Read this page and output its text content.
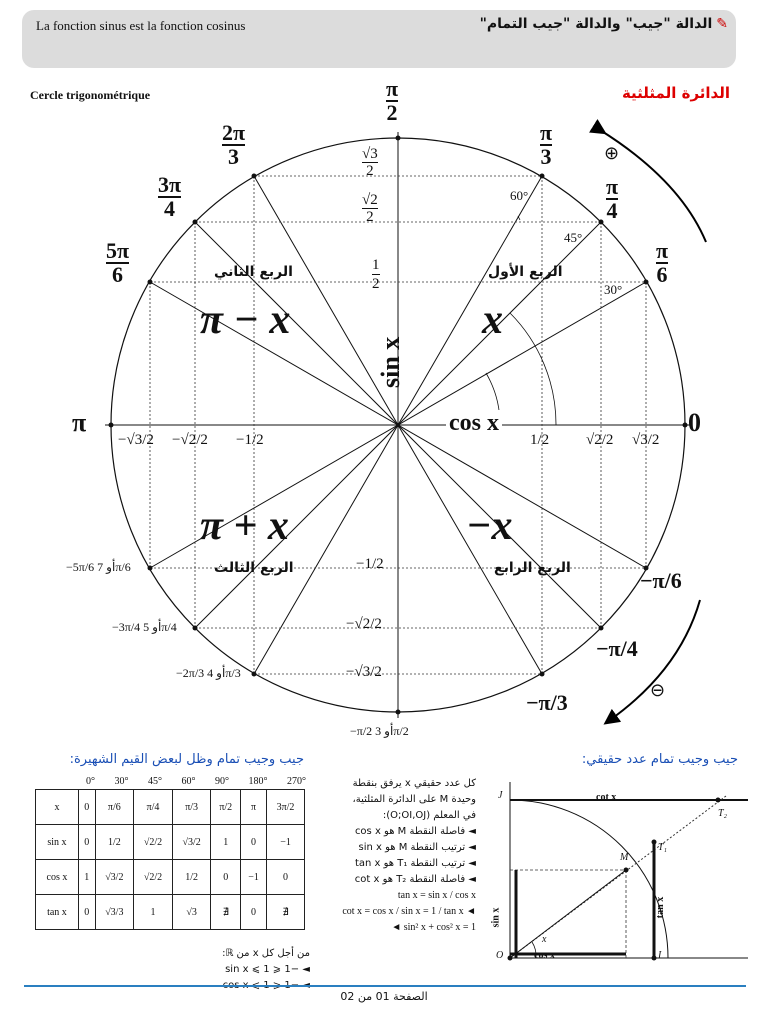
La fonction sinus est la fonction cosinus	✎الدالة "جيب" والدالة "جيب التمام"
Cercle trigonométrique	الدائرة المثلثية
⊕
⊖
الربع الأول
الربع الثاني
الربع الثالث	الربع الرابع
x
π − x
π + x	−x
sin x
cos x	0
π
30°
45°
60°
π
2
π
3
π
4
π
6
2π
3
3π
4
5π
6
√3
2
√2
2
1
2
−√3/2 −√2/2 −1/2	1/2 √2/2 √3/2
−1/2
−√2/2
−√3/2
−π/6
−π/4
−π/3
−5π/6 أو 7π/6
−3π/4 أو 5π/4
−2π/3 أو 4π/3
−π/2 أو 3π/2
جيب وجيب تمام وظل لبعض القيم الشهيرة:
x	0	π/6	π/4	π/3	π/2	π	3π/2
sin x	0	1/2	√2/2	√3/2	1	0	−1
cos x	1	√3/2	√2/2	1/2	0	−1	0
tan x	0	√3/3	1	√3	∄	0	∄
0° 30° 45° 60° 90° 180° 270°
من أجل كل x من ℝ:
◄ −1 ⩽ sin x ⩽ 1
جيب وجيب تمام عدد حقيقي:
كل عدد حقيقي x يرفق بنقطة
وحيدة M على الدائرة المثلثية،
في المعلم (O;OI,OJ):
◄ فاصلة النقطة M هو cos x
◄ ترتيب النقطة M هو sin x
◄ ترتيب النقطة T₁ هو tan x
◄ فاصلة النقطة T₂ هو cot x
tan x = sin x / cos x
◄ cot x = cos x / sin x = 1 / tan x
sin² x + cos² x = 1 ◄
J
O	I
M
T₁
T₂
cot x
cos x
sin x	tan x
x
الصفحة 01 من 02
